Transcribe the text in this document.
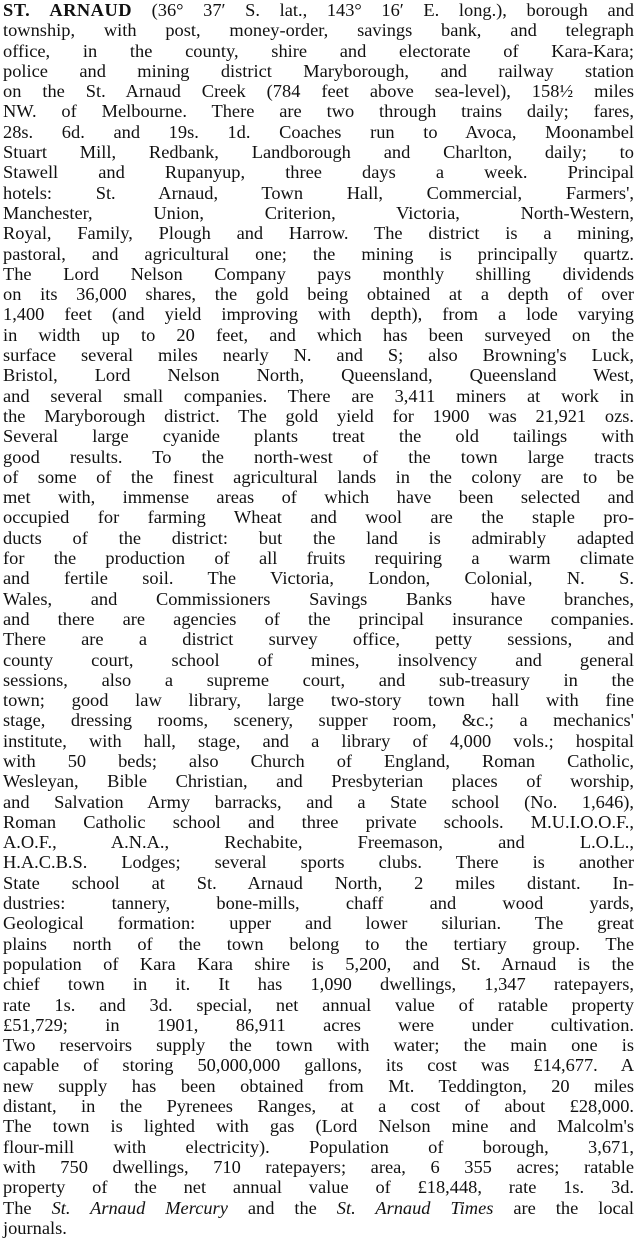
ST. ARNAUD (36° 37′ S. lat., 143° 16′ E. long.), borough and
township, with post, money-order, savings bank, and telegraph
office, in the county, shire and electorate of Kara-Kara;
police and mining district Maryborough, and railway station
on the St. Arnaud Creek (784 feet above sea-level), 158½ miles
NW. of Melbourne. There are two through trains daily; fares,
28s. 6d. and 19s. 1d. Coaches run to Avoca, Moonambel
Stuart Mill, Redbank, Landborough and Charlton, daily; to
Stawell and Rupanyup, three days a week. Principal
hotels: St. Arnaud, Town Hall, Commercial, Farmers',
Manchester, Union, Criterion, Victoria, North-Western,
Royal, Family, Plough and Harrow. The district is a mining,
pastoral, and agricultural one; the mining is principally quartz.
The Lord Nelson Company pays monthly shilling dividends
on its 36,000 shares, the gold being obtained at a depth of over
1,400 feet (and yield improving with depth), from a lode varying
in width up to 20 feet, and which has been surveyed on the
surface several miles nearly N. and S; also Browning's Luck,
Bristol, Lord Nelson North, Queensland, Queensland West,
and several small companies. There are 3,411 miners at work in
the Maryborough district. The gold yield for 1900 was 21,921 ozs.
Several large cyanide plants treat the old tailings with
good results. To the north-west of the town large tracts
of some of the finest agricultural lands in the colony are to be
met with, immense areas of which have been selected and
occupied for farming Wheat and wool are the staple pro-
ducts of the district: but the land is admirably adapted
for the production of all fruits requiring a warm climate
and fertile soil. The Victoria, London, Colonial, N. S.
Wales, and Commissioners Savings Banks have branches,
and there are agencies of the principal insurance companies.
There are a district survey office, petty sessions, and
county court, school of mines, insolvency and general
sessions, also a supreme court, and sub-treasury in the
town; good law library, large two-story town hall with fine
stage, dressing rooms, scenery, supper room, &c.; a mechanics'
institute, with hall, stage, and a library of 4,000 vols.; hospital
with 50 beds; also Church of England, Roman Catholic,
Wesleyan, Bible Christian, and Presbyterian places of worship,
and Salvation Army barracks, and a State school (No. 1,646),
Roman Catholic school and three private schools. M.U.I.O.O.F.,
A.O.F., A.N.A., Rechabite, Freemason, and L.O.L.,
H.A.C.B.S. Lodges; several sports clubs. There is another
State school at St. Arnaud North, 2 miles distant. In-
dustries: tannery, bone-mills, chaff and wood yards,
Geological formation: upper and lower silurian. The great
plains north of the town belong to the tertiary group. The
population of Kara Kara shire is 5,200, and St. Arnaud is the
chief town in it. It has 1,090 dwellings, 1,347 ratepayers,
rate 1s. and 3d. special, net annual value of ratable property
£51,729; in 1901, 86,911 acres were under cultivation.
Two reservoirs supply the town with water; the main one is
capable of storing 50,000,000 gallons, its cost was £14,677. A
new supply has been obtained from Mt. Teddington, 20 miles
distant, in the Pyrenees Ranges, at a cost of about £28,000.
The town is lighted with gas (Lord Nelson mine and Malcolm's
flour-mill with electricity). Population of borough, 3,671,
with 750 dwellings, 710 ratepayers; area, 6 355 acres; ratable
property of the net annual value of £18,448, rate 1s. 3d.
The St. Arnaud Mercury and the St. Arnaud Times are the local
journals.
